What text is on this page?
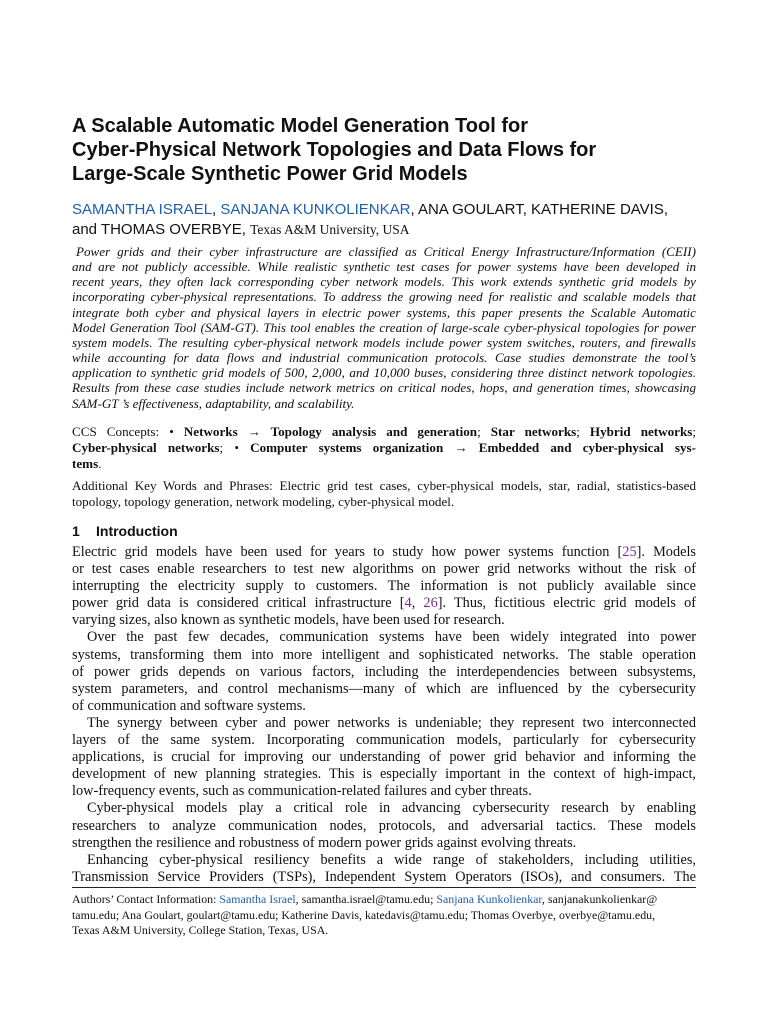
A Scalable Automatic Model Generation Tool for
Cyber-Physical Network Topologies and Data Flows for
Large-Scale Synthetic Power Grid Models
SAMANTHA ISRAEL, SANJANA KUNKOLIENKAR, ANA GOULART, KATHERINE DAVIS,
and THOMAS OVERBYE, Texas A&M University, USA
Power grids and their cyber infrastructure are classified as Critical Energy Infrastructure/Information (CEII)
and are not publicly accessible. While realistic synthetic test cases for power systems have been developed in
recent years, they often lack corresponding cyber network models. This work extends synthetic grid models by
incorporating cyber-physical representations. To address the growing need for realistic and scalable models that
integrate both cyber and physical layers in electric power systems, this paper presents the Scalable Automatic
Model Generation Tool (SAM-GT). This tool enables the creation of large-scale cyber-physical topologies for power
system models. The resulting cyber-physical network models include power system switches, routers, and firewalls
while accounting for data flows and industrial communication protocols. Case studies demonstrate the tool’s
application to synthetic grid models of 500, 2,000, and 10,000 buses, considering three distinct network topologies.
Results from these case studies include network metrics on critical nodes, hops, and generation times, showcasing
SAM-GT ’s effectiveness, adaptability, and scalability.
CCS Concepts: • Networks → Topology analysis and generation; Star networks; Hybrid networks;
Cyber-physical networks; • Computer systems organization → Embedded and cyber-physical sys-
tems.
Additional Key Words and Phrases: Electric grid test cases, cyber-physical models, star, radial, statistics-based
topology, topology generation, network modeling, cyber-physical model.
1 Introduction
Electric grid models have been used for years to study how power systems function [25]. Models
or test cases enable researchers to test new algorithms on power grid networks without the risk of
interrupting the electricity supply to customers. The information is not publicly available since
power grid data is considered critical infrastructure [4, 26]. Thus, fictitious electric grid models of
varying sizes, also known as synthetic models, have been used for research.
Over the past few decades, communication systems have been widely integrated into power
systems, transforming them into more intelligent and sophisticated networks. The stable operation
of power grids depends on various factors, including the interdependencies between subsystems,
system parameters, and control mechanisms—many of which are influenced by the cybersecurity
of communication and software systems.
The synergy between cyber and power networks is undeniable; they represent two interconnected
layers of the same system. Incorporating communication models, particularly for cybersecurity
applications, is crucial for improving our understanding of power grid behavior and informing the
development of new planning strategies. This is especially important in the context of high-impact,
low-frequency events, such as communication-related failures and cyber threats.
Cyber-physical models play a critical role in advancing cybersecurity research by enabling
researchers to analyze communication nodes, protocols, and adversarial tactics. These models
strengthen the resilience and robustness of modern power grids against evolving threats.
Enhancing cyber-physical resiliency benefits a wide range of stakeholders, including utilities,
Transmission Service Providers (TSPs), Independent System Operators (ISOs), and consumers. The
Authors’ Contact Information: Samantha Israel, samantha.israel@tamu.edu; Sanjana Kunkolienkar, sanjanakunkolienkar@
tamu.edu; Ana Goulart, goulart@tamu.edu; Katherine Davis, katedavis@tamu.edu; Thomas Overbye, overbye@tamu.edu,
Texas A&M University, College Station, Texas, USA.
